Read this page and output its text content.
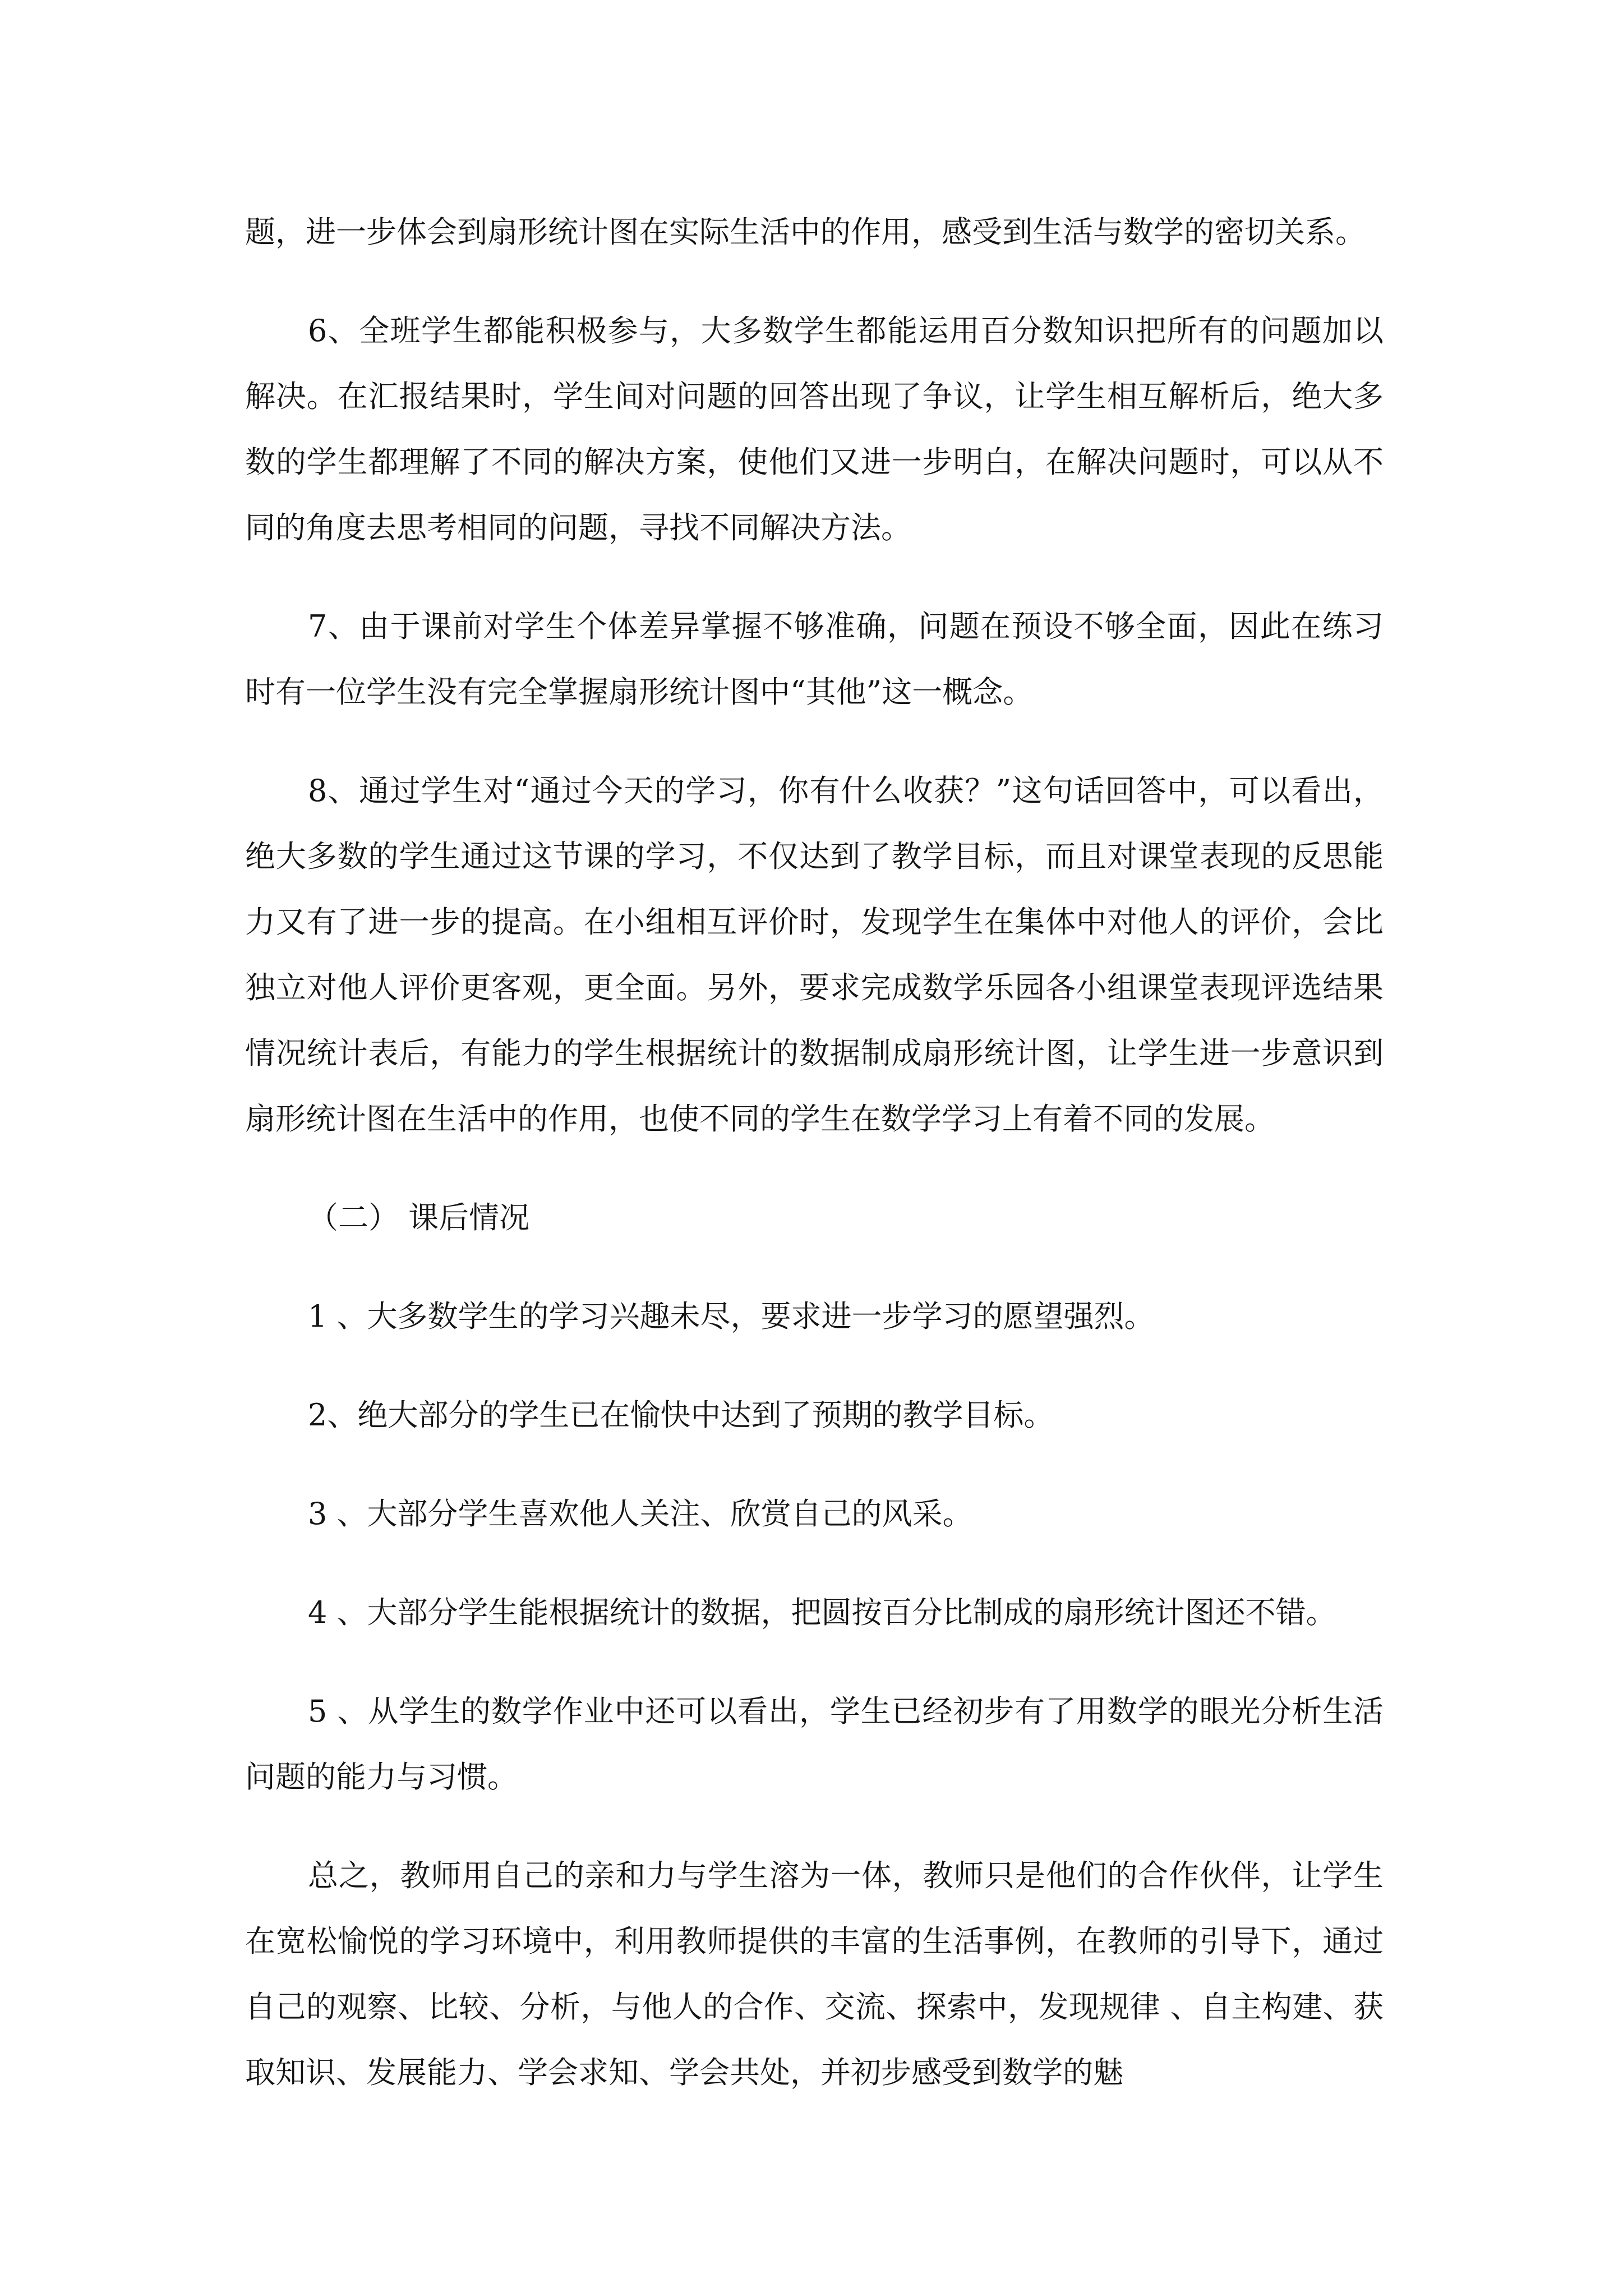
题，进一步体会到扇形统计图在实际生活中的作用，感受到生活与数学的密切关系。

6、全班学生都能积极参与，大多数学生都能运用百分数知识把所有的问题加以解决。在汇报结果时，学生间对问题的回答出现了争议，让学生相互解析后，绝大多数的学生都理解了不同的解决方案，使他们又进一步明白，在解决问题时，可以从不同的角度去思考相同的问题，寻找不同解决方法。

7、由于课前对学生个体差异掌握不够准确，问题在预设不够全面，因此在练习时有一位学生没有完全掌握扇形统计图中“其他”这一概念。

8、通过学生对“通过今天的学习，你有什么收获？”这句话回答中，可以看出，绝大多数的学生通过这节课的学习，不仅达到了教学目标，而且对课堂表现的反思能力又有了进一步的提高。在小组相互评价时，发现学生在集体中对他人的评价，会比独立对他人评价更客观，更全面。另外，要求完成数学乐园各小组课堂表现评选结果情况统计表后，有能力的学生根据统计的数据制成扇形统计图，让学生进一步意识到扇形统计图在生活中的作用，也使不同的学生在数学学习上有着不同的发展。

（二） 课后情况

1 、大多数学生的学习兴趣未尽，要求进一步学习的愿望强烈。

2、绝大部分的学生已在愉快中达到了预期的教学目标。

3 、大部分学生喜欢他人关注、欣赏自己的风采。

4 、大部分学生能根据统计的数据，把圆按百分比制成的扇形统计图还不错。

5 、从学生的数学作业中还可以看出，学生已经初步有了用数学的眼光分析生活问题的能力与习惯。

总之，教师用自己的亲和力与学生溶为一体，教师只是他们的合作伙伴，让学生在宽松愉悦的学习环境中，利用教师提供的丰富的生活事例，在教师的引导下，通过自己的观察、比较、分析，与他人的合作、交流、探索中，发现规律 、自主构建、获取知识、发展能力、学会求知、学会共处，并初步感受到数学的魅
